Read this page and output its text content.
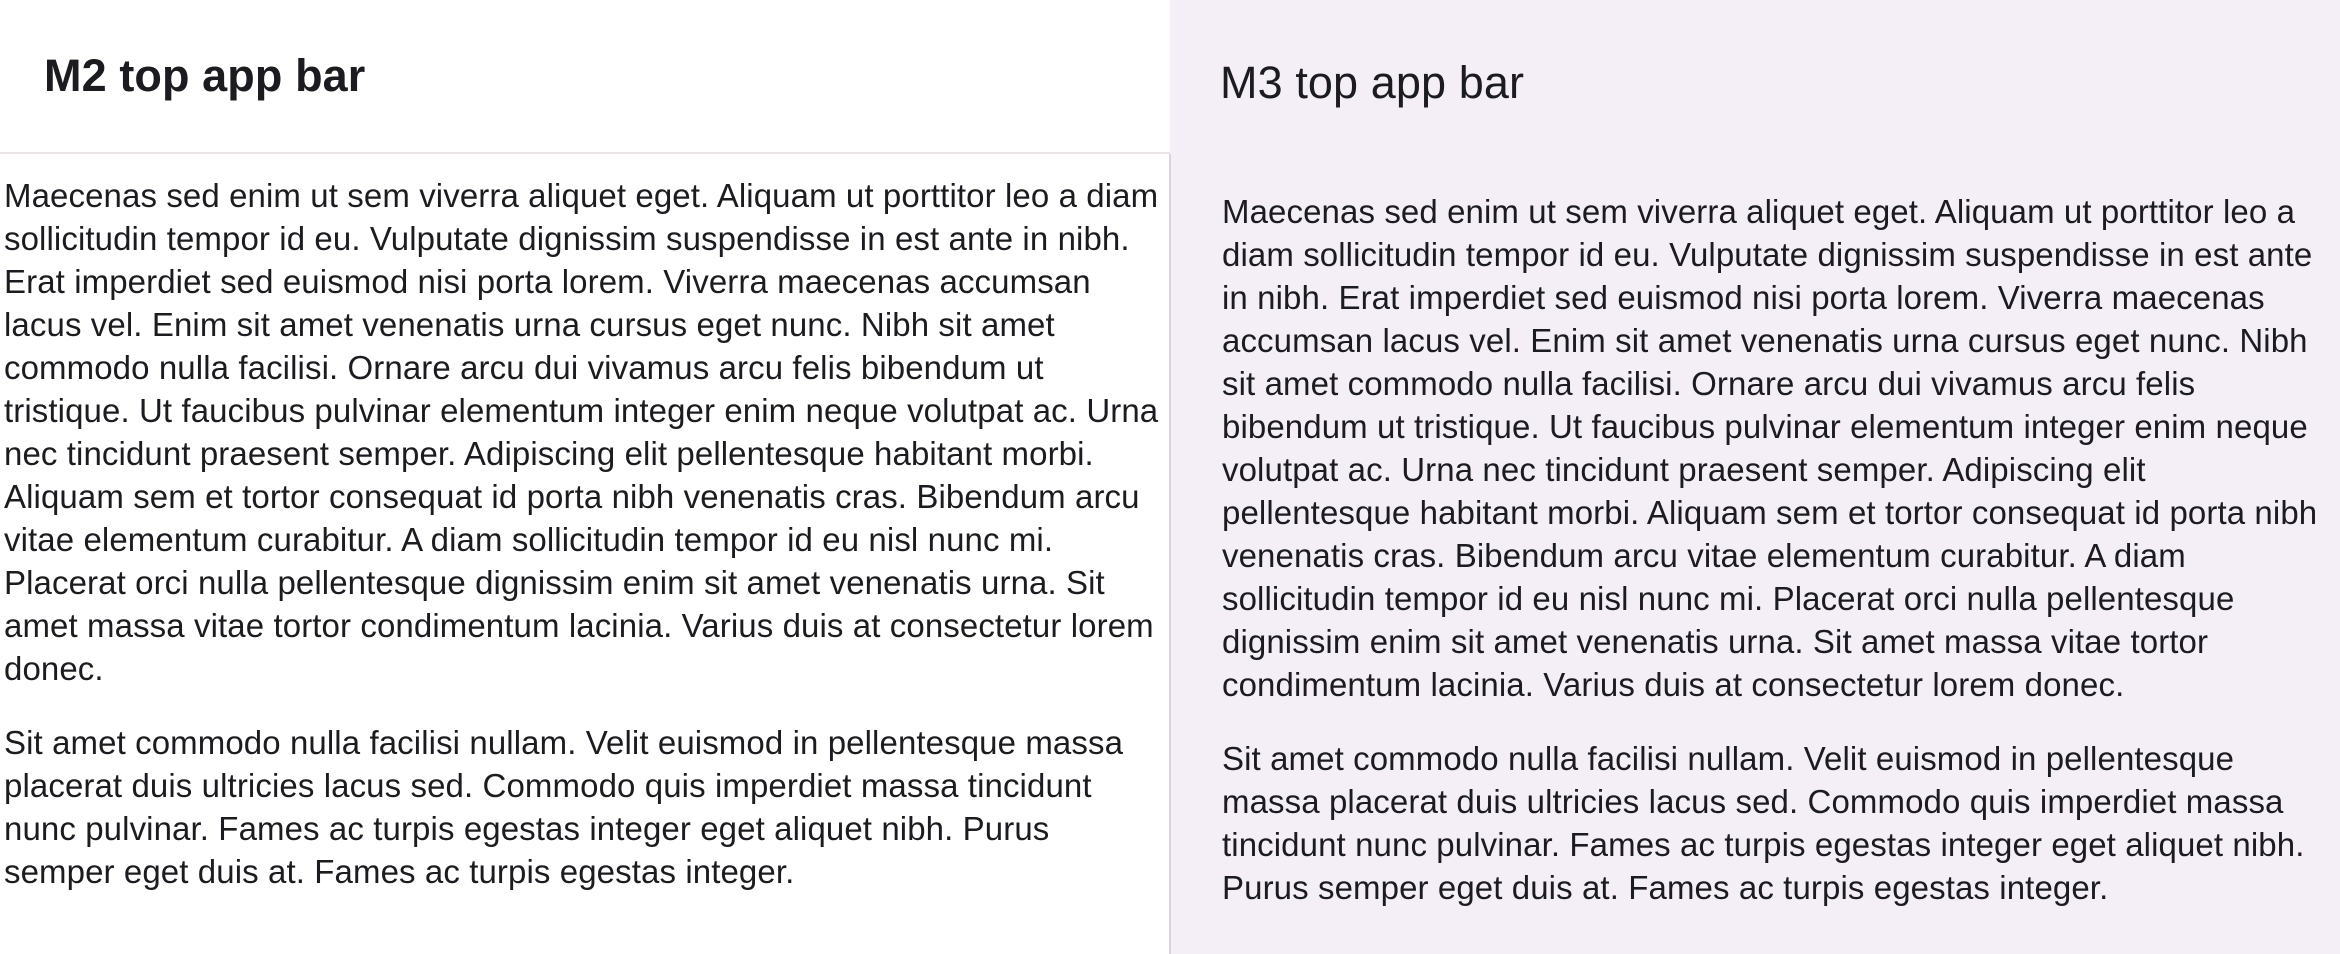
M2 top app bar

Maecenas sed enim ut sem viverra aliquet eget. Aliquam ut porttitor leo a diam sollicitudin tempor id eu. Vulputate dignissim suspendisse in est ante in nibh. Erat imperdiet sed euismod nisi porta lorem. Viverra maecenas accumsan lacus vel. Enim sit amet venenatis urna cursus eget nunc. Nibh sit amet commodo nulla facilisi. Ornare arcu dui vivamus arcu felis bibendum ut tristique. Ut faucibus pulvinar elementum integer enim neque volutpat ac. Urna nec tincidunt praesent semper. Adipiscing elit pellentesque habitant morbi. Aliquam sem et tortor consequat id porta nibh venenatis cras. Bibendum arcu vitae elementum curabitur. A diam sollicitudin tempor id eu nisl nunc mi. Placerat orci nulla pellentesque dignissim enim sit amet venenatis urna. Sit amet massa vitae tortor condimentum lacinia. Varius duis at consectetur lorem donec.

Sit amet commodo nulla facilisi nullam. Velit euismod in pellentesque massa placerat duis ultricies lacus sed. Commodo quis imperdiet massa tincidunt nunc pulvinar. Fames ac turpis egestas integer eget aliquet nibh. Purus semper eget duis at. Fames ac turpis egestas integer.

M3 top app bar

Maecenas sed enim ut sem viverra aliquet eget. Aliquam ut porttitor leo a diam sollicitudin tempor id eu. Vulputate dignissim suspendisse in est ante in nibh. Erat imperdiet sed euismod nisi porta lorem. Viverra maecenas accumsan lacus vel. Enim sit amet venenatis urna cursus eget nunc. Nibh sit amet commodo nulla facilisi. Ornare arcu dui vivamus arcu felis bibendum ut tristique. Ut faucibus pulvinar elementum integer enim neque volutpat ac. Urna nec tincidunt praesent semper. Adipiscing elit pellentesque habitant morbi. Aliquam sem et tortor consequat id porta nibh venenatis cras. Bibendum arcu vitae elementum curabitur. A diam sollicitudin tempor id eu nisl nunc mi. Placerat orci nulla pellentesque dignissim enim sit amet venenatis urna. Sit amet massa vitae tortor condimentum lacinia. Varius duis at consectetur lorem donec.

Sit amet commodo nulla facilisi nullam. Velit euismod in pellentesque massa placerat duis ultricies lacus sed. Commodo quis imperdiet massa tincidunt nunc pulvinar. Fames ac turpis egestas integer eget aliquet nibh. Purus semper eget duis at. Fames ac turpis egestas integer.
